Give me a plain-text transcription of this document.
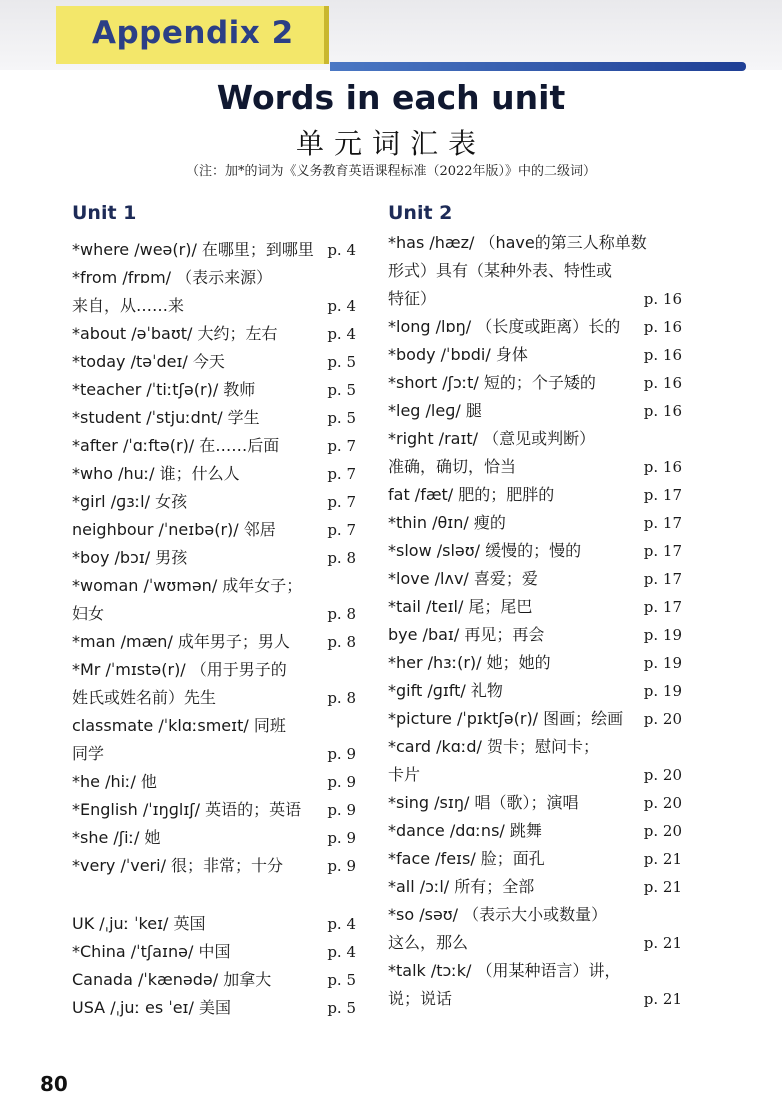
Appendix 2
Words in each unit
单元词汇表
（注：加*的词为《义务教育英语课程标准（2022年版）》中的二级词）
Unit 1
*where /weə(r)/ 在哪里；到哪里 p. 4
*from /frɒm/ （表示来源）
来自，从……来	p. 4
*about /əˈbaʊt/ 大约；左右	p. 4
*today /təˈdeɪ/ 今天	p. 5
*teacher /ˈtiːtʃə(r)/ 教师	p. 5
*student /ˈstjuːdnt/ 学生	p. 5
*after /ˈɑːftə(r)/ 在……后面	p. 7
*who /huː/ 谁；什么人	p. 7
*girl /ɡɜːl/ 女孩	p. 7
neighbour /ˈneɪbə(r)/ 邻居	p. 7
*boy /bɔɪ/ 男孩	p. 8
*woman /ˈwʊmən/ 成年女子；
妇女	p. 8
*man /mæn/ 成年男子；男人 p. 8
*Mr /ˈmɪstə(r)/ （用于男子的
姓氏或姓名前）先生	p. 8
classmate /ˈklɑːsmeɪt/ 同班
同学	p. 9
*he /hiː/ 他	p. 9
*English /ˈɪŋɡlɪʃ/ 英语的；英语 p. 9
*she /ʃiː/ 她	p. 9
*very /ˈveri/ 很；非常；十分	p. 9
UK /ˌjuː ˈkeɪ/ 英国	p. 4
*China /ˈtʃaɪnə/ 中国	p. 4
Canada /ˈkænədə/ 加拿大	p. 5
USA /ˌjuː es ˈeɪ/ 美国	p. 5
Unit 2
*has /hæz/ （have的第三人称单数
形式）具有（某种外表、特性或
特征）	p. 16
*long /lɒŋ/ （长度或距离）长的 p. 16
*body /ˈbɒdi/ 身体	p. 16
*short /ʃɔːt/ 短的；个子矮的	p. 16
*leg /leɡ/ 腿	p. 16
*right /raɪt/ （意见或判断）
准确，确切，恰当	p. 16
fat /fæt/ 肥的；肥胖的	p. 17
*thin /θɪn/ 瘦的	p. 17
*slow /sləʊ/ 缓慢的；慢的	p. 17
*love /lʌv/ 喜爱；爱	p. 17
*tail /teɪl/ 尾；尾巴	p. 17
bye /baɪ/ 再见；再会	p. 19
*her /hɜː(r)/ 她；她的	p. 19
*gift /ɡɪft/ 礼物	p. 19
*picture /ˈpɪktʃə(r)/ 图画；绘画 p. 20
*card /kɑːd/ 贺卡；慰问卡；
卡片	p. 20
*sing /sɪŋ/ 唱（歌）；演唱	p. 20
*dance /dɑːns/ 跳舞	p. 20
*face /feɪs/ 脸；面孔	p. 21
*all /ɔːl/ 所有；全部	p. 21
*so /səʊ/ （表示大小或数量）
这么，那么	p. 21
*talk /tɔːk/ （用某种语言）讲，
说；说话	p. 21
80
